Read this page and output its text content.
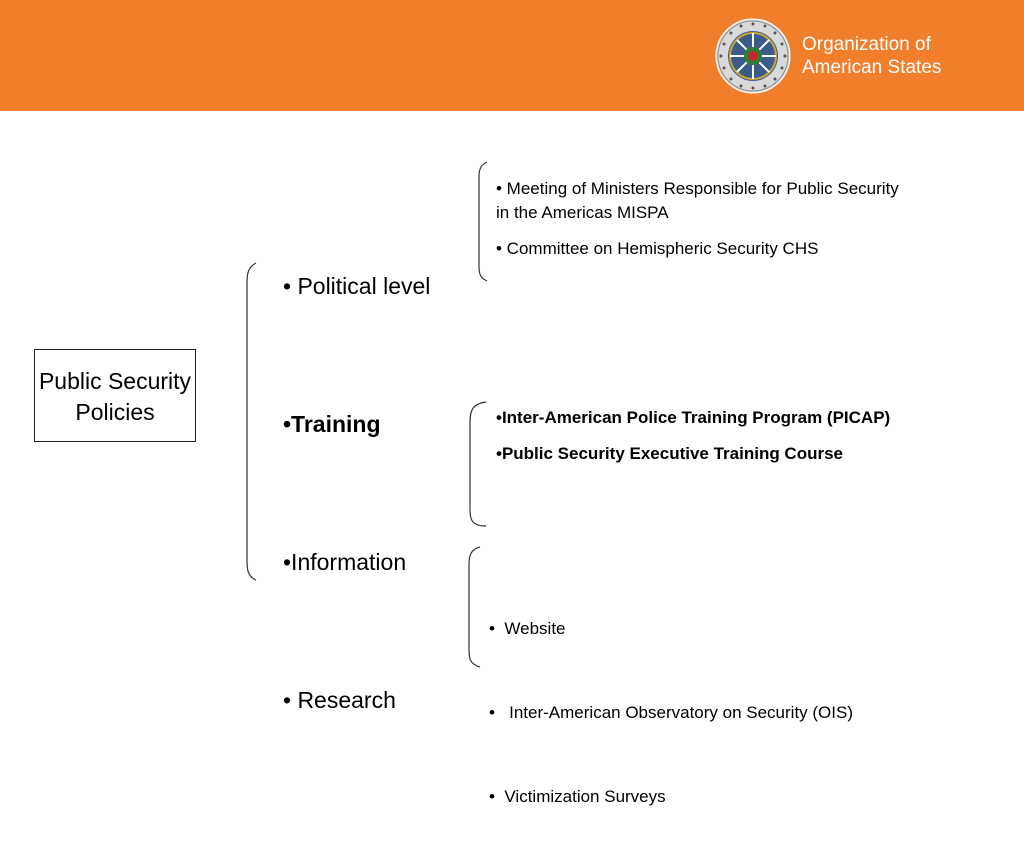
Organization of
American States
Public Security
Policies
• Political level
•Training
•Information
• Research

• Meeting of Ministers Responsible for Public Security in the Americas MISPA

• Committee on Hemispheric Security CHS

•Inter-American Police Training Program (PICAP)

•Public Security Executive Training Course

•  Website

•   Inter-American Observatory on Security (OIS)

•  Victimization Surveys
